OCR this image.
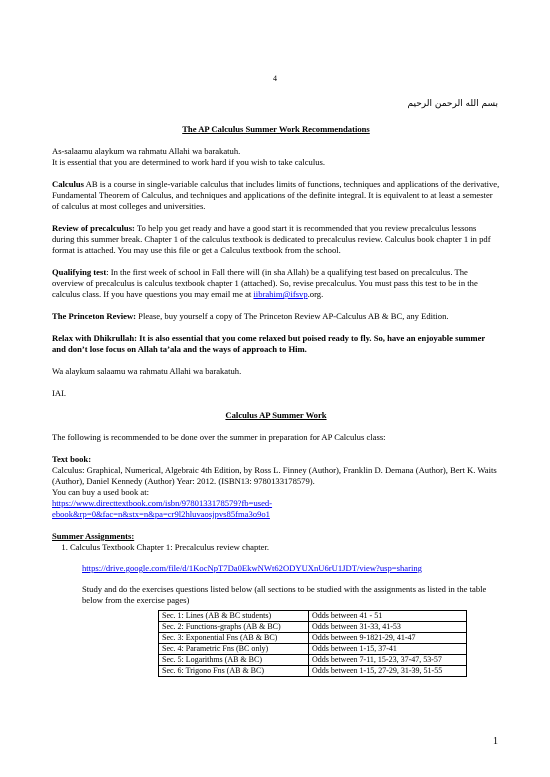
4
بسم الله الرحمن الرحيم

The AP Calculus Summer Work Recommendations

As-salaamu alaykum wa rahmatu Allahi wa barakatuh.
It is essential that you are determined to work hard if you wish to take calculus.

Calculus AB is a course in single-variable calculus that includes limits of functions, techniques and applications of the derivative, Fundamental Theorem of Calculus, and techniques and applications of the definite integral. It is equivalent to at least a semester of calculus at most colleges and universities.

Review of precalculus: To help you get ready and have a good start it is recommended that you review precalculus lessons during this summer break. Chapter 1 of the calculus textbook is dedicated to precalculus review. Calculus book chapter 1 in pdf format is attached. You may use this file or get a Calculus textbook from the school.

Qualifying test: In the first week of school in Fall there will (in sha Allah) be a qualifying test based on precalculus. The overview of precalculus is calculus textbook chapter 1 (attached). So, revise precalculus. You must pass this test to be in the calculus class. If you have questions you may email me at iibrahim@ifsvp.org.

The Princeton Review: Please, buy yourself a copy of The Princeton Review AP-Calculus AB & BC, any Edition.

Relax with Dhikrullah: It is also essential that you come relaxed but poised ready to fly. So, have an enjoyable summer and don’t lose focus on Allah ta’ala and the ways of approach to Him.

Wa alaykum salaamu wa rahmatu Allahi wa barakatuh.

IAI.

Calculus AP Summer Work

The following is recommended to be done over the summer in preparation for AP Calculus class:

Text book:
Calculus: Graphical, Numerical, Algebraic 4th Edition, by Ross L. Finney (Author), Franklin D. Demana (Author), Bert K. Waits (Author), Daniel Kennedy (Author) Year: 2012. (ISBN13: 9780133178579).
You can buy a used book at:
https://www.directtextbook.com/isbn/9780133178579?fb=used-
ebook&rp=0&fac=n&stx=n&pa=cr9l2hluvaosjpvs85fma3o9o1

Summer Assignments:

1. Calculus Textbook Chapter 1: Precalculus review chapter.
https://drive.google.com/file/d/1KocNpT7Da0EkwNWt62ODYUXnU6rU1JDT/view?usp=sharing
Study and do the exercises questions listed below (all sections to be studied with the assignments as listed in the table below from the exercise pages)
Sec. 1: Lines (AB & BC students)	Odds between 41 - 51
Sec. 2: Functions-graphs (AB & BC)	Odds between 31-33, 41-53
Sec. 3: Exponential Fns (AB & BC)	Odds between 9-1821-29, 41-47
Sec. 4: Parametric Fns (BC only)	Odds between 1-15, 37-41
Sec. 5: Logarithms (AB & BC)	Odds between 7-11, 15-23, 37-47, 53-57
Sec. 6: Trigono Fns (AB & BC)	Odds between 1-15, 27-29, 31-39, 51-55
1
